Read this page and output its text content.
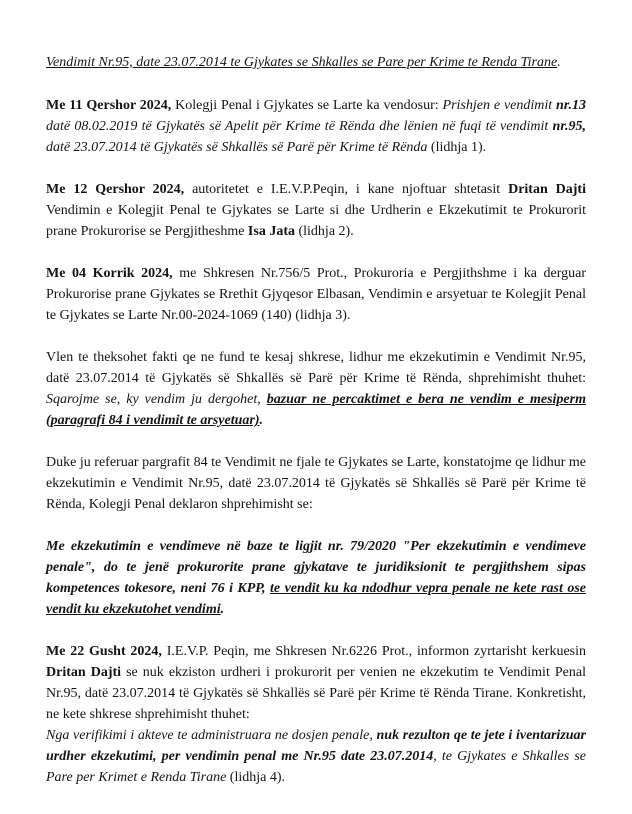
Vendimit Nr.95, date 23.07.2014 te Gjykates se Shkalles se Pare per Krime te Renda Tirane.

Me 11 Qershor 2024, Kolegji Penal i Gjykates se Larte ka vendosur: Prishjen e vendimit nr.13 datë 08.02.2019 të Gjykatës së Apelit për Krime të Rënda dhe lënien në fuqi të vendimit nr.95, datë 23.07.2014 të Gjykatës së Shkallës së Parë për Krime të Rënda (lidhja 1).

Me 12 Qershor 2024, autoritetet e I.E.V.P.Peqin, i kane njoftuar shtetasit Dritan Dajti Vendimin e Kolegjit Penal te Gjykates se Larte si dhe Urdherin e Ekzekutimit te Prokurorit prane Prokurorise se Pergjitheshme Isa Jata (lidhja 2).

Me 04 Korrik 2024, me Shkresen Nr.756/5 Prot., Prokuroria e Pergjithshme i ka derguar Prokurorise prane Gjykates se Rrethit Gjyqesor Elbasan, Vendimin e arsyetuar te Kolegjit Penal te Gjykates se Larte Nr.00-2024-1069 (140) (lidhja 3).

Vlen te theksohet fakti qe ne fund te kesaj shkrese, lidhur me ekzekutimin e Vendimit Nr.95, datë 23.07.2014 të Gjykatës së Shkallës së Parë për Krime të Rënda, shprehimisht thuhet: Sqarojme se, ky vendim ju dergohet, bazuar ne percaktimet e bera ne vendim e mesiperm (paragrafi 84 i vendimit te arsyetuar).

Duke ju referuar pargrafit 84 te Vendimit ne fjale te Gjykates se Larte, konstatojme qe lidhur me ekzekutimin e Vendimit Nr.95, datë 23.07.2014 të Gjykatës së Shkallës së Parë për Krime të Rënda, Kolegji Penal deklaron shprehimisht se:

Me ekzekutimin e vendimeve në baze te ligjit nr. 79/2020 "Per ekzekutimin e vendimeve penale", do te jenë prokurorite prane gjykatave te juridiksionit te pergjithshem sipas kompetences tokesore, neni 76 i KPP, te vendit ku ka ndodhur vepra penale ne kete rast ose vendit ku ekzekutohet vendimi.

Me 22 Gusht 2024, I.E.V.P. Peqin, me Shkresen Nr.6226 Prot., informon zyrtarisht kerkuesin Dritan Dajti se nuk ekziston urdheri i prokurorit per venien ne ekzekutim te Vendimit Penal Nr.95, datë 23.07.2014 të Gjykatës së Shkallës së Parë për Krime të Rënda Tirane. Konkretisht, ne kete shkrese shprehimisht thuhet:
Nga verifikimi i akteve te administruara ne dosjen penale, nuk rezulton qe te jete i iventarizuar urdher ekzekutimi, per vendimin penal me Nr.95 date 23.07.2014, te Gjykates e Shkalles se Pare per Krimet e Renda Tirane (lidhja 4).
